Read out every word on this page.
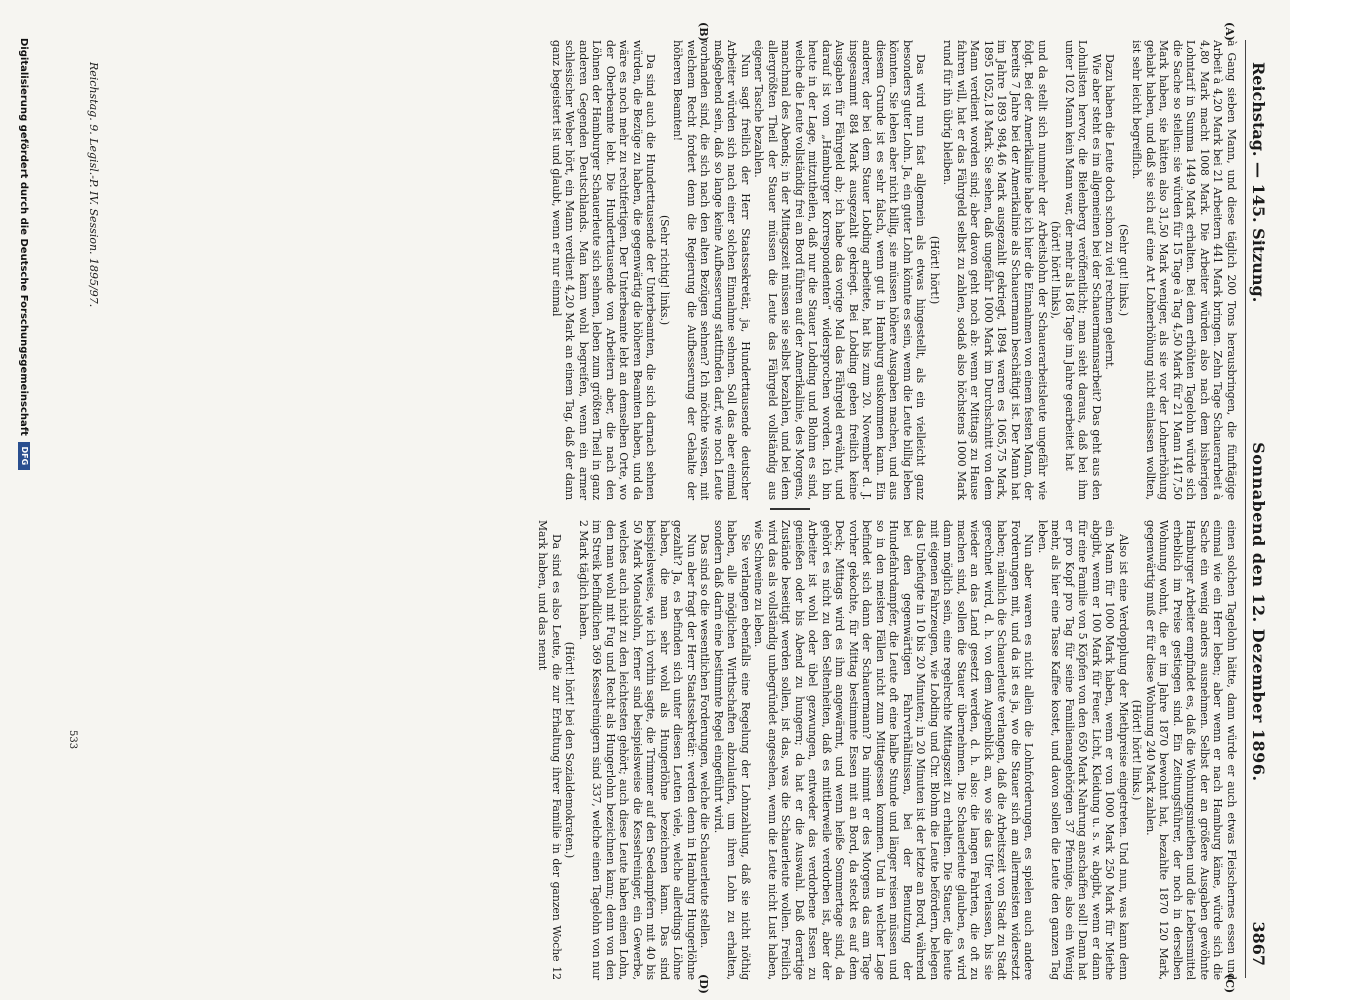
Reichstag. — 145. Sitzung.
Sonnabend den 12. Dezember 1896.
3867
(A)
(B)
(C)
(D)

à Gang sieben Mann, und diese täglich 200 Tons herausbringen, die fünftägige Arbeit à 4,20 Mark bei 21 Arbeitern 441 Mark bringen. Zehn Tage Schauerarbeit à 4,80 Mark macht 1008 Mark. Die Arbeiter würden also nach dem bisherigen Lohntarif in Summa 1449 Mark erhalten. Bei dem erhöhten Tagelohn würde sich die Sache so stellen: sie würden für 15 Tage à Tag 4,50 Mark für 21 Mann 1417,50 Mark haben, sie hätten also 31,50 Mark weniger, als sie vor der Lohnerhöhung gehabt haben, und daß sie sich auf eine Art Lohnerhöhung nicht einlassen wollten, ist sehr leicht begreiflich.

(Sehr gut! links.)

Dazu haben die Leute doch schon zu viel rechnen gelernt.

Wie aber steht es im allgemeinen bei der Schauermannsarbeit? Das geht aus den Lohnlisten hervor, die Bielenberg veröffentlicht; man sieht daraus, daß bei ihm unter 102 Mann kein Mann war, der mehr als 168 Tage im Jahre gearbeitet hat

(hört! hört! links),

und da stellt sich nunmehr der Arbeitslohn der Schauerarbeitsleute ungefähr wie folgt. Bei der Amerikalinie habe ich hier die Einnahmen von einem festen Mann, der bereits 7 Jahre bei der Amerikalinie als Schauermann beschäftigt ist. Der Mann hat im Jahre 1893 984,46 Mark ausgezahlt gekriegt, 1894 waren es 1065,75 Mark, 1895 1052,18 Mark. Sie sehen, daß ungefähr 1000 Mark im Durchschnitt von dem Mann verdient worden sind; aber davon geht noch ab: wenn er Mittags zu Hause fahren will, hat er das Fährgeld selbst zu zahlen, sodaß also höchstens 1000 Mark rund für ihn übrig bleiben.

(Hört! hört!)

Das wird nun fast allgemein als etwas hingestellt, als ein vielleicht ganz besonders guter Lohn. Ja, ein guter Lohn könnte es sein, wenn die Leute billig leben könnten. Sie leben aber nicht billig, sie müssen höhere Ausgaben machen, und aus diesem Grunde ist es sehr falsch, wenn gut in Hamburg auskommen kann. Ein anderer, der bei dem Stauer Lobding arbeitete, hat bis zum 20. November d. J. insgesammt 884 Mark ausgezahlt gekriegt. Bei Lobding geben freilich keine Ausgaben für Fährgeld ab; ich habe das vorige Mal das Fährgeld erwähnt, und darauf ist vom „Hamburger Korrespondenten“ widersprochen worden. Ich bin heute in der Lage, mitzutheilen, daß nur die Stauer Lobding und Blohm es sind, welche die Leute vollständig frei an Bord führen auf der Amerikalinie, des Morgens, manchmal des Abends; in der Mittagszeit müssen sie selbst bezahlen, und bei dem allergrößten Theil der Stauer müssen die Leute das Fährgeld vollständig aus eigener Tasche bezahlen.

Nun sagt freilich der Herr Staatssekretär, ja, Hunderttausende deutscher Arbeiter würden sich nach einer solchen Einnahme sehnen. Soll das aber einmal maßgebend sein, daß so lange keine Aufbesserung stattfinden darf, wie noch Leute vorhanden sind, die sich nach den alten Bezügen sehnen? Ich möchte wissen, mit welchem Recht fordert denn die Regierung die Aufbesserung der Gehalte der höheren Beamten!

(Sehr richtig! links.)

Da sind auch die Hunderttausende der Unterbeamten, die sich darnach sehnen würden, die Bezüge zu haben, die gegenwärtig die höheren Beamten haben, und da wäre es noch mehr zu rechtfertigen. Der Unterbeamte lebt an demselben Orte, wo der Oberbeamte lebt. Die Hunderttausende von Arbeitern aber, die nach den Löhnen der Hamburger Schauerleute sich sehnen, leben zum größten Theil in ganz anderen Gegenden Deutschlands. Man kann wohl begreifen, wenn ein armer schlesischer Weber hört, ein Mann verdient 4,20 Mark an einem Tag, daß der dann ganz begeistert ist und glaubt, wenn er nur einmal

einen solchen Tagelohn hätte, dann würde er auch etwas Fleischernes essen und einmal wie ein Herr leben; aber wenn er nach Hamburg käme, würde sich die Sache ein wenig anders ausnehmen. Selbst der an größere Ausgaben gewöhnte Hamburger Arbeiter empfindet es, daß die Wohnungsmiethen und die Lebensmittel erheblich im Preise gestiegen sind. Ein Zeitungsführer, der noch in derselben Wohnung wohnt, die er im Jahre 1870 bewohnt hat, bezahlte 1870 120 Mark, gegenwärtig muß er für diese Wohnung 240 Mark zahlen.

(Hört! hört! links.)

Also ist eine Verdopplung der Miethpreise eingetreten. Und nun, was kann denn ein Mann für 1000 Mark haben, wenn er von 1000 Mark 250 Mark für Miethe abgibt, wenn er 100 Mark für Feuer, Licht, Kleidung u. s. w. abgibt, wenn er dann für eine Familie von 5 Köpfen von den 650 Mark Nahrung anschaffen soll! Dann hat er pro Kopf pro Tag für seine Familienangehörigen 37 Pfennige, also ein Wenig mehr, als hier eine Tasse Kaffee kostet, und davon sollen die Leute den ganzen Tag leben.

Nun aber waren es nicht allein die Lohnforderungen, es spielen auch andere Forderungen mit, und da ist es ja, wo die Stauer sich am allermeisten widersetzt haben; nämlich die Schauerleute verlangen, daß die Arbeitszeit von Stadt zu Stadt gerechnet wird, d. h. von dem Augenblick an, wo sie das Ufer verlassen, bis sie wieder an das Land gesetzt werden, d. h. also: die langen Fahrten, die oft zu machen sind, sollen die Stauer übernehmen. Die Schauerleute glauben, es wird dann möglich sein, eine regelrechte Mittagszeit zu erhalten. Die Stauer, die heute mit eigenen Fahrzeugen, wie Lobding und Chr. Blohm die Leute befördern, belegen das Unbefugte in 10 bis 20 Minuten; in 20 Minuten ist der letzte an Bord, während bei den gegenwärtigen Fahrverhältnissen, bei der Benutzung der Hundefahrdampfer, die Leute oft eine halbe Stunde und länger reisen müssen und so in den meisten Fällen nicht zum Mittagessen kommen. Und in welcher Lage befindet sich dann der Schauermann? Da nimmt er des Morgens das am Tage vorher gekochte, für Mittag bestimmte Essen mit an Bord, da steckt es auf dem Deck; Mittags wird es ihm angewärmt, und wenn heiße Sommertage sind, da gehört es nicht zu den Seltenheiten, daß es mittlerweile verdorben ist, aber der Arbeiter ist wohl oder übel gezwungen, entweder das verdorbene Essen zu genießen oder bis Abend zu hungern; da hat er die Auswahl. Daß derartige Zustände beseitigt werden sollen, ist das, was die Schauerleute wollen. Freilich wird das als vollständig unbegründet angesehen, wenn die Leute nicht Lust haben, wie Schweine zu leben.

Sie verlangen ebenfalls eine Regelung der Lohnzahlung, daß sie nicht nöthig haben, alle möglichen Wirthschaften abzulaufen, um ihren Lohn zu erhalten, sondern daß darin eine bestimmte Regel eingeführt wird.

Das sind so die wesentlichen Forderungen, welche die Schauerleute stellen.

Nun aber fragt der Herr Staatssekretär: werden denn in Hamburg Hungerlöhne gezahlt? Ja, es befinden sich unter diesen Leuten viele, welche allerdings Löhne haben, die man sehr wohl als Hungerlöhne bezeichnen kann. Das sind beispielsweise, wie ich vorhin sagte, die Trimmer auf den Seedampfern mit 40 bis 50 Mark Monatslohn, ferner sind beispielsweise die Kesselreiniger, ein Gewerbe, welches auch nicht zu den leichtesten gehört; auch diese Leute haben einen Lohn, den man wohl mit Fug und Recht als Hungerlohn bezeichnen kann; denn von den im Streik befindlichen 369 Kesselreinigern sind 337, welche einen Tagelohn von nur 2 Mark täglich haben.

(Hört! hört! bei den Sozialdemokraten.)

Da sind es also Leute, die zur Erhaltung ihrer Familie in der ganzen Woche 12 Mark haben, und das nennt

Reichstag. 9. Legisl.-P. IV. Session. 1895/97.
533
Digitalisierung gefördert durch die Deutsche Forschungsgemeinschaft
DFG
